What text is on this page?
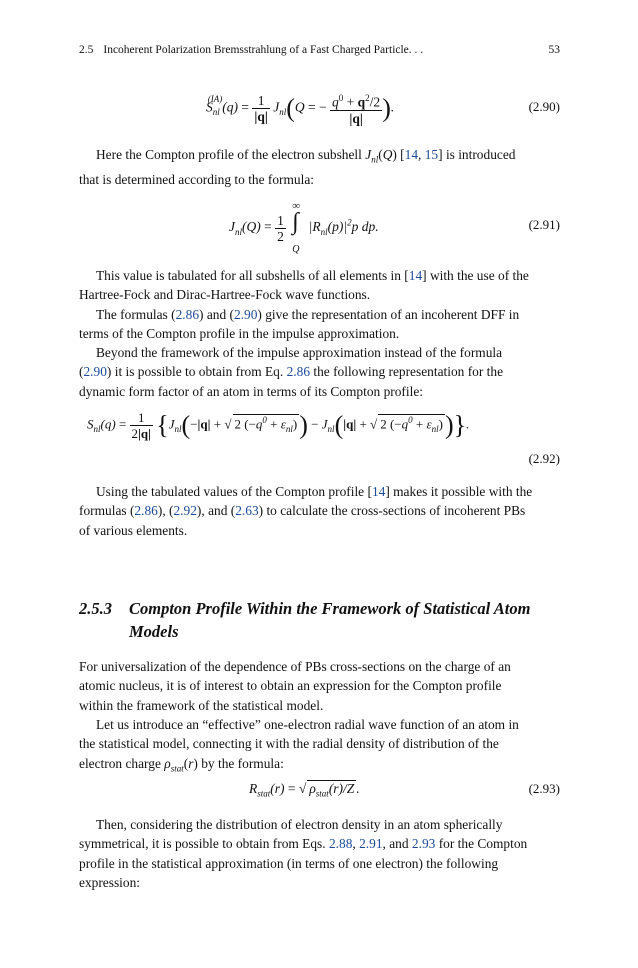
2.5 Incoherent Polarization Bremsstrahlung of a Fast Charged Particle. . .	53
$S_{nl}^{(IA)}(q) = \frac{1}{|q|} J_{nl}(Q$ = − $\frac{q^0 + q^2/2}{|q|}$ ).	(2.90)
Here the Compton profile of the electron subshell $J_{nl}(Q)$ [14, 15] is introduced
that is determined according to the formula:
$J_{nl}(Q) = \frac{1}{2}$

∞
∫
Q
$|R_{nl}(p)|^2p$ dp.	(2.91)
This value is tabulated for all subshells of all elements in [14] with the use of the
Hartree-Fock and Dirac-Hartree-Fock wave functions.
The formulas (2.86) and (2.90) give the representation of an incoherent DFF in
terms of the Compton profile in the impulse approximation.
Beyond the framework of the impulse approximation instead of the formula
(2.90) it is possible to obtain from Eq. 2.86 the following representation for the
dynamic form factor of an atom in terms of its Compton profile:
$S_{nl}(q) = \frac{1}{2|q|} \{J_{nl}(-|q|$ + √ 2 $(-q^0 + \varepsilon_{nl})) - J_{nl}(|q|$ + √ 2 $(-q^0 + \varepsilon_{nl})$)}.
(2.92)
Using the tabulated values of the Compton profile [14] makes it possible with the
formulas (2.86), (2.92), and (2.63) to calculate the cross-sections of incoherent PBs
of various elements.
2.5.3 Compton Profile Within the Framework of Statistical Atom
Models
For universalization of the dependence of PBs cross-sections on the charge of an
atomic nucleus, it is of interest to obtain an expression for the Compton profile
within the framework of the statistical model.
Let us introduce an “effective” one-electron radial wave function of an atom in
the statistical model, connecting it with the radial density of distribution of the
electron charge $\rho_{stat}(r)$ by the formula:
$R_{stat}(r)$ = √ $\rho_{stat}(r)/Z$ .	(2.93)
Then, considering the distribution of electron density in an atom spherically
symmetrical, it is possible to obtain from Eqs. 2.88, 2.91, and 2.93 for the Compton
profile in the statistical approximation (in terms of one electron) the following
expression:
